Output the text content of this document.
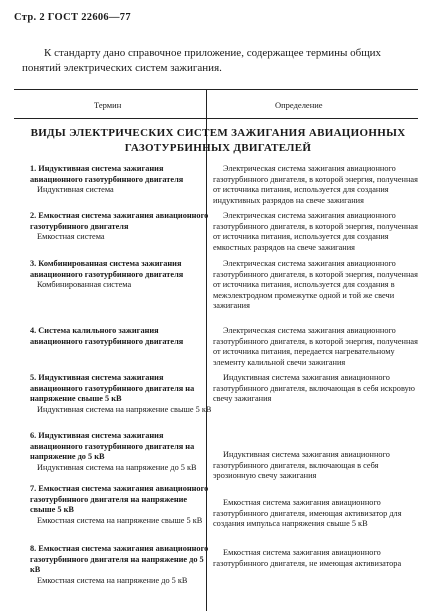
Стр. 2 ГОСТ 22606—77
К стандарту дано справочное приложение, содержащее термины общих понятий электрических систем зажигания.
Термин	Определение
ВИДЫ ЭЛЕКТРИЧЕСКИХ СИСТЕМ ЗАЖИГАНИЯ АВИАЦИОННЫХ ГАЗОТУРБИННЫХ ДВИГАТЕЛЕЙ
1. Индуктивная система зажигания авиационного газотурбинного двигателя
Индуктивная система
Электрическая система зажигания авиационного газотурбинного двигателя, в которой энергия, полученная от источника питания, используется для создания индуктивных разрядов на свече зажигания
2. Емкостная система зажигания авиационного газотурбинного двигателя
Емкостная система
Электрическая система зажигания авиационного газотурбинного двигателя, в которой энергия, полученная от источника питания, используется для создания емкостных разрядов на свече зажигания
3. Комбинированная система зажигания авиационного газотурбинного двигателя
Комбинированная система
Электрическая система зажигания авиационного газотурбинного двигателя, в которой энергия, полученная от источника питания, используется для создания в межэлектродном промежутке одной и той же свечи зажигания
4. Система калильного зажигания авиационного газотурбинного двигателя
Электрическая система зажигания авиационного газотурбинного двигателя, в которой энергия, полученная от источника питания, передается нагревательному элементу калильной свечи зажигания
5. Индуктивная система зажигания авиационного газотурбинного двигателя на напряжение свыше 5 кВ
Индуктивная система на напряжение свыше 5 кВ
Индуктивная система зажигания авиационного газотурбинного двигателя, включающая в себя искровую свечу зажигания
6. Индуктивная система зажигания авиационного газотурбинного двигателя на напряжение до 5 кВ
Индуктивная система на напряжение до 5 кВ
Индуктивная система зажигания авиационного газотурбинного двигателя, включающая в себя эрозионную свечу зажигания
7. Емкостная система зажигания авиационного газотурбинного двигателя на напряжение свыше 5 кВ
Емкостная система на напряжение свыше 5 кВ
Емкостная система зажигания авиационного газотурбинного двигателя, имеющая активизатор для создания импульса напряжения свыше 5 кВ
8. Емкостная система зажигания авиационного газотурбинного двигателя на напряжение до 5 кВ
Емкостная система на напряжение до 5 кВ
Емкостная система зажигания авиационного газотурбинного двигателя, не имеющая активизатора
